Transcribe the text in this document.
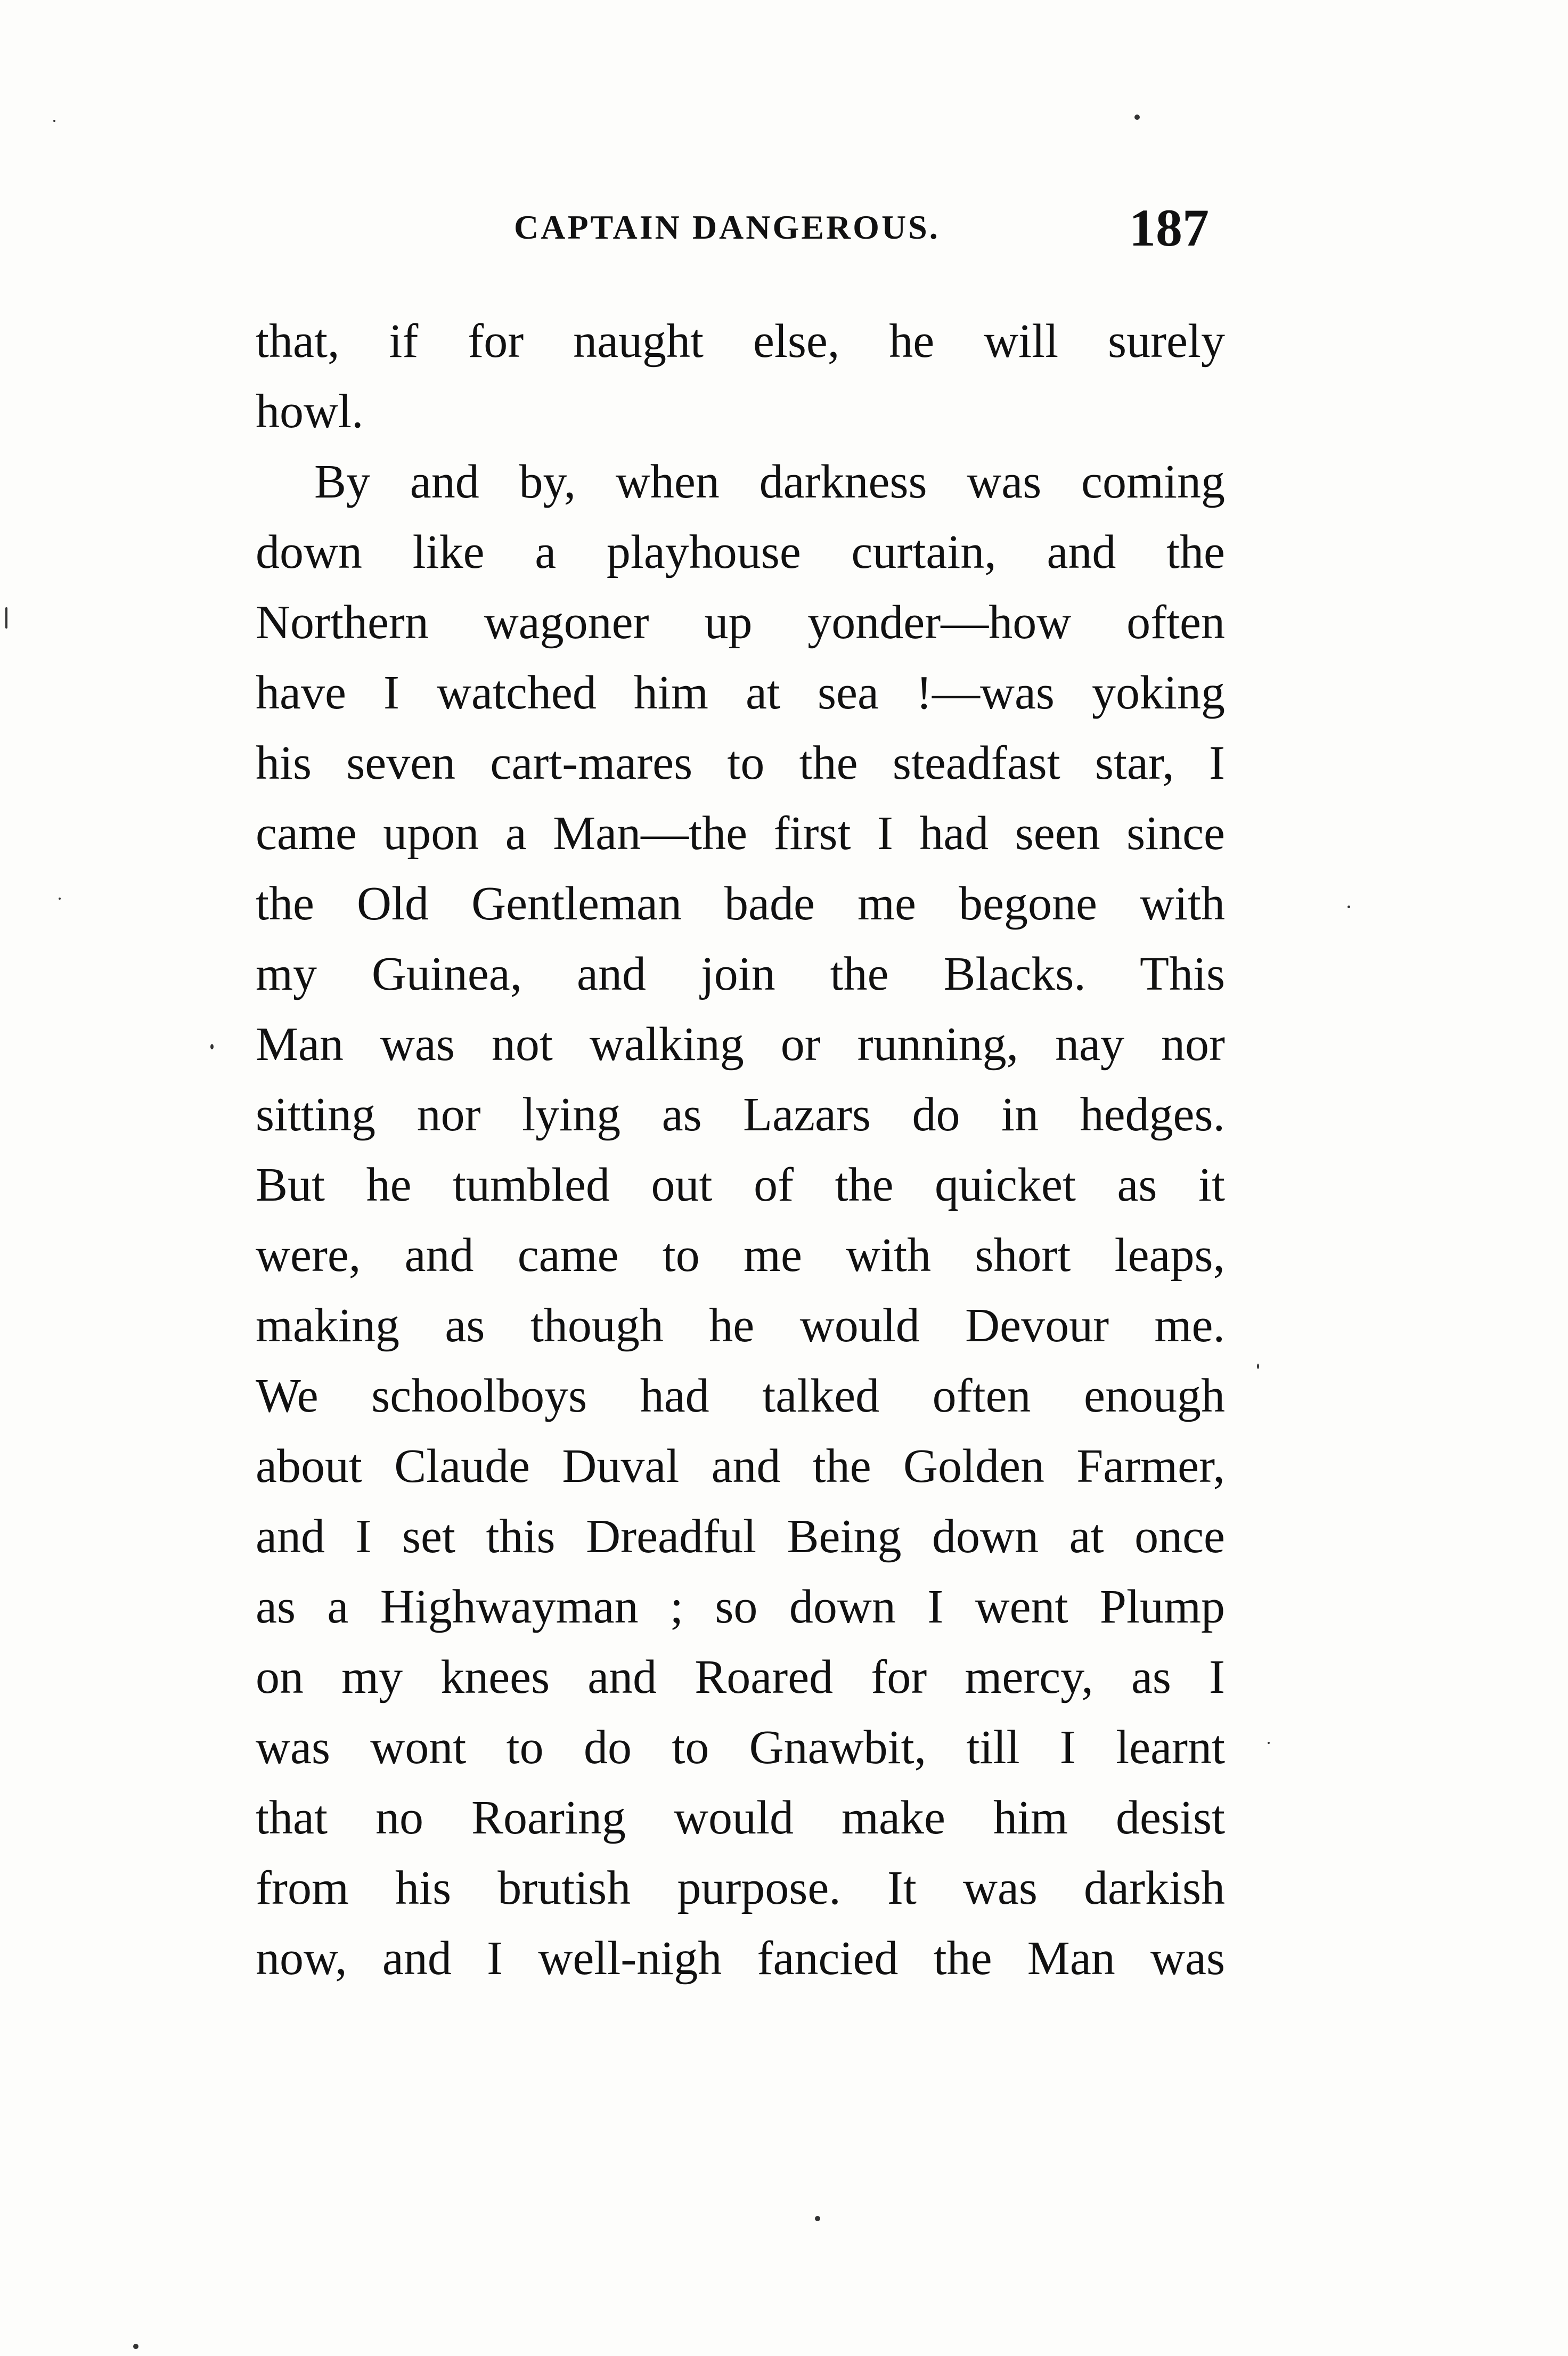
CAPTAIN DANGEROUS.	187
that, if for naught else, he will surely
howl.
By and by, when darkness was coming
down like a playhouse curtain, and the
Northern wagoner up yonder—how often
have I watched him at sea !—was yoking
his seven cart-mares to the steadfast star, I
came upon a Man—the first I had seen since
the Old Gentleman bade me begone with
my Guinea, and join the Blacks. This
Man was not walking or running, nay nor
sitting nor lying as Lazars do in hedges.
But he tumbled out of the quicket as it
were, and came to me with short leaps,
making as though he would Devour me.
We schoolboys had talked often enough
about Claude Duval and the Golden Farmer,
and I set this Dreadful Being down at once
as a Highwayman ; so down I went Plump
on my knees and Roared for mercy, as I
was wont to do to Gnawbit, till I learnt
that no Roaring would make him desist
from his brutish purpose. It was darkish
now, and I well-nigh fancied the Man was
